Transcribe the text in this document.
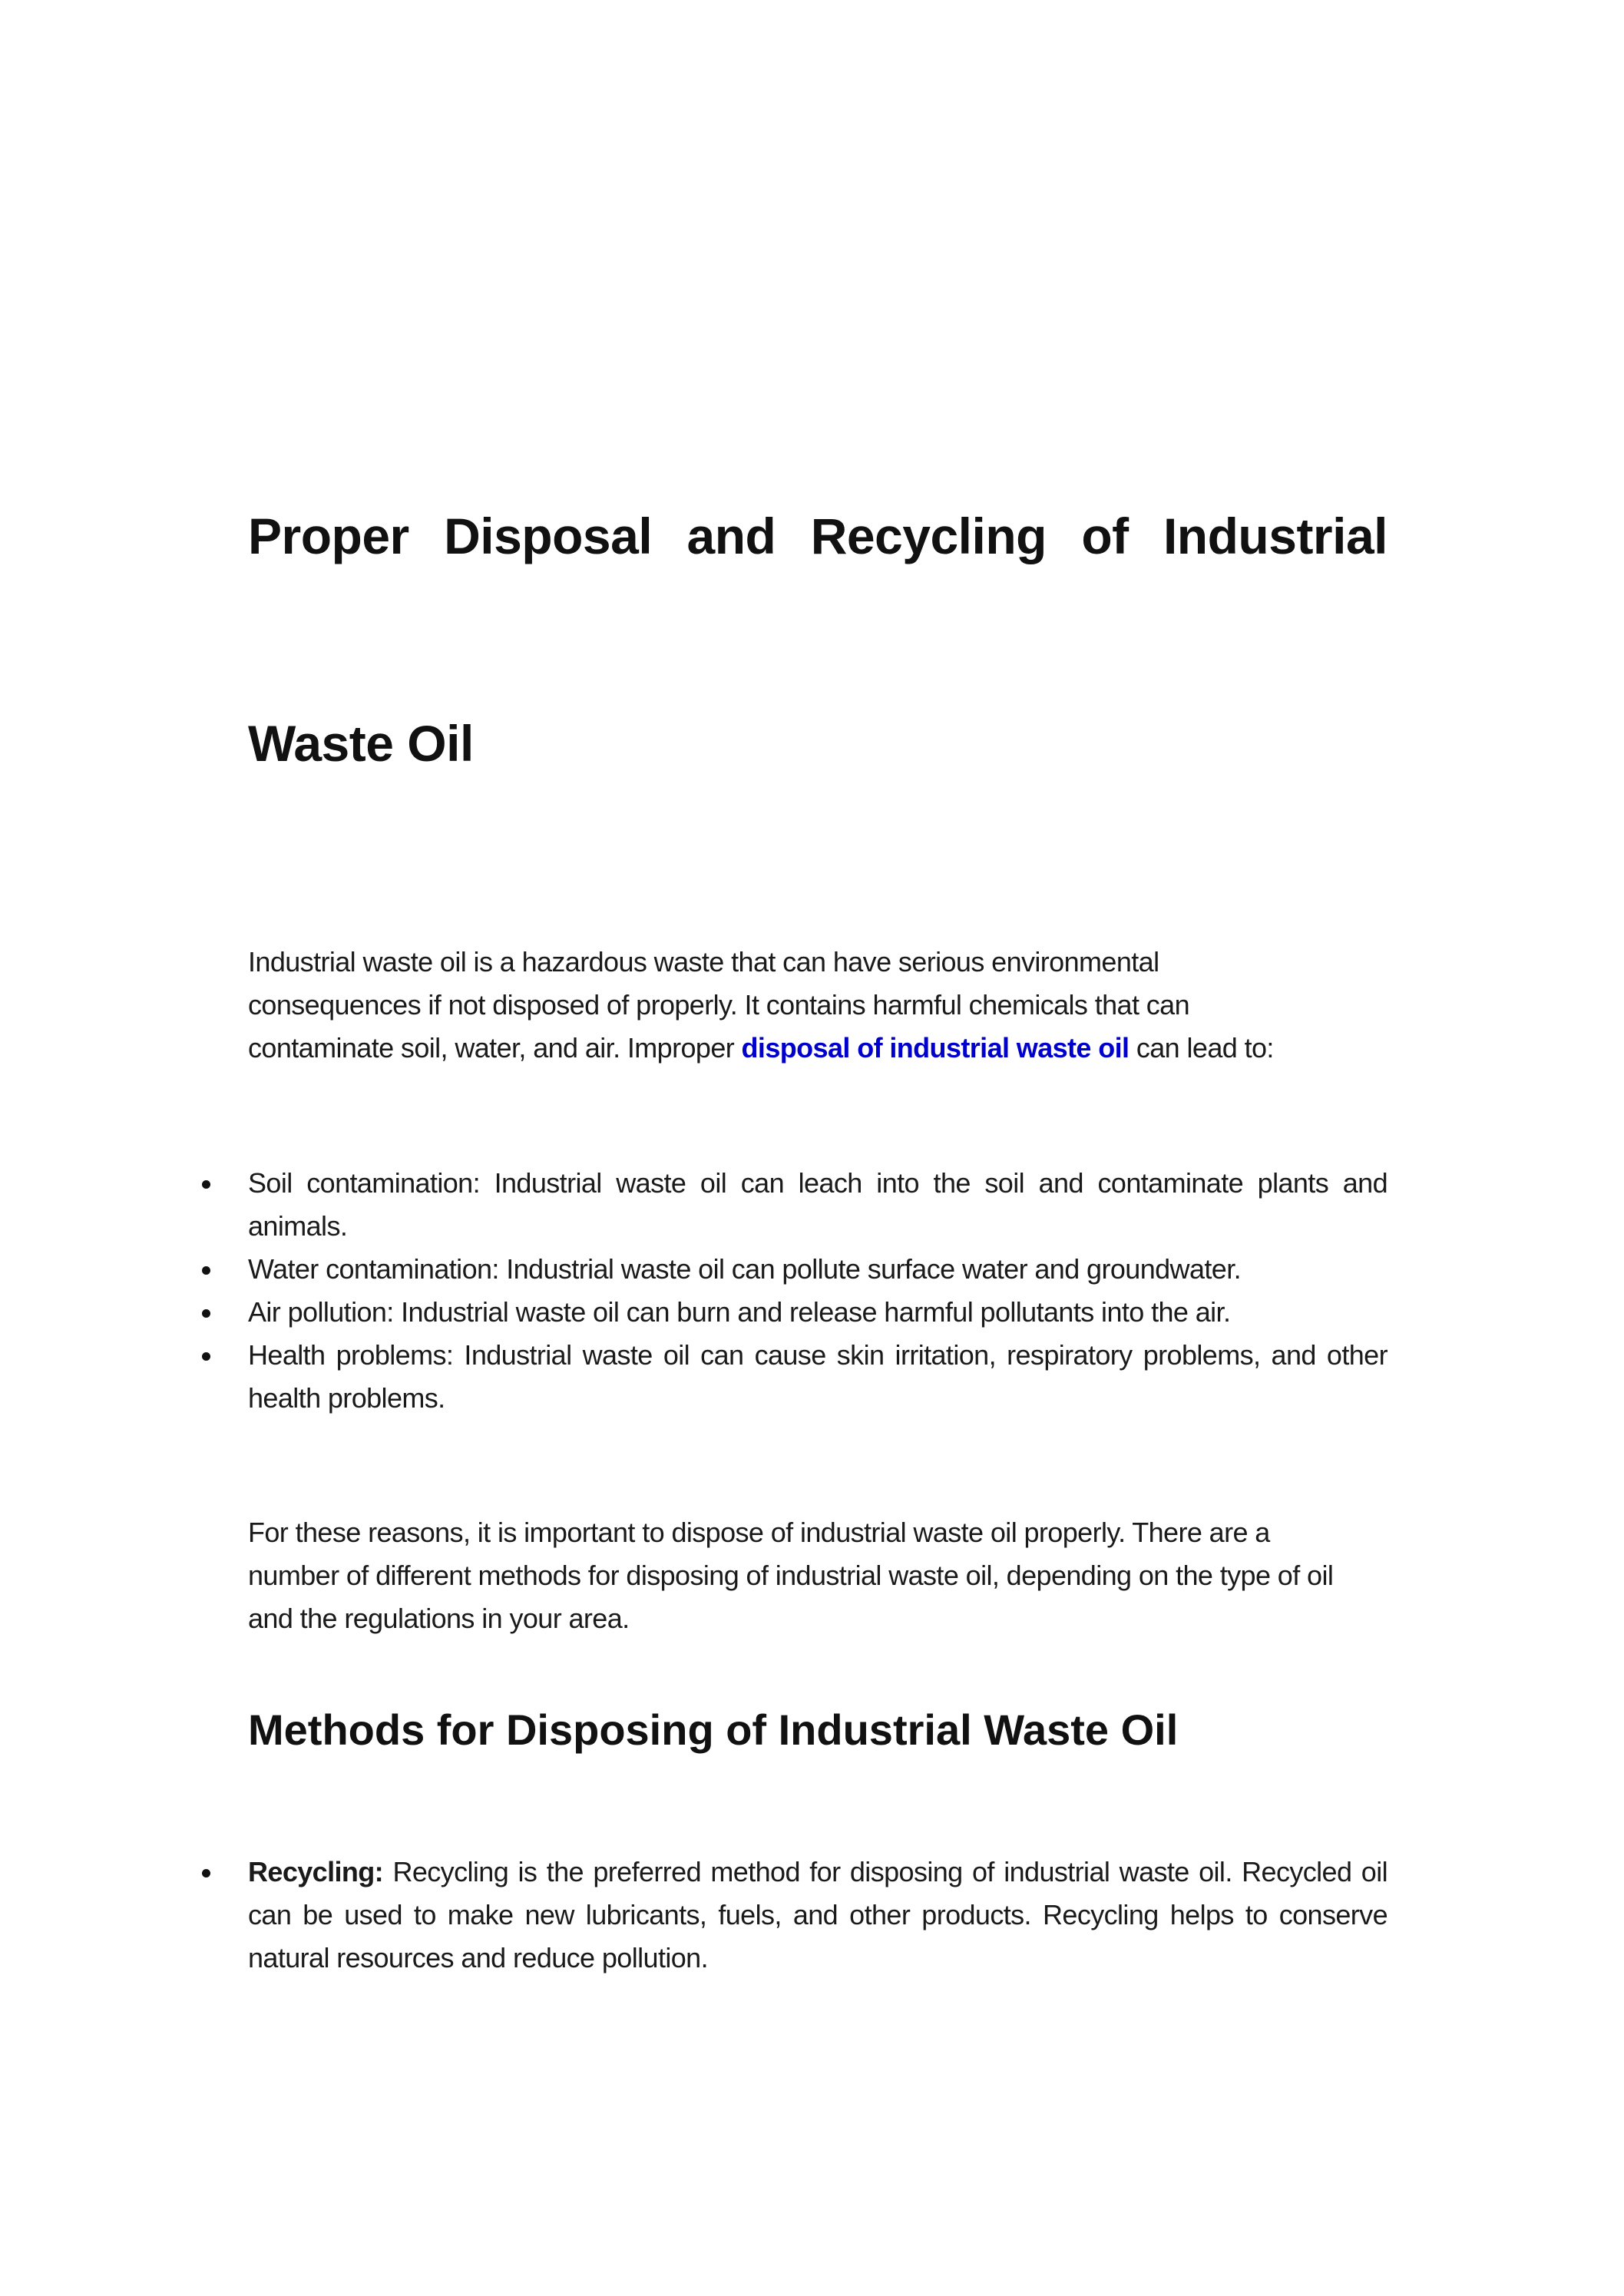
Proper Disposal and Recycling of Industrial
Waste Oil

Industrial waste oil is a hazardous waste that can have serious environmental consequences if not disposed of properly. It contains harmful chemicals that can contaminate soil, water, and air. Improper disposal of industrial waste oil can lead to:

Soil contamination: Industrial waste oil can leach into the soil and contaminate plants and animals.
Water contamination: Industrial waste oil can pollute surface water and groundwater.
Air pollution: Industrial waste oil can burn and release harmful pollutants into the air.
Health problems: Industrial waste oil can cause skin irritation, respiratory problems, and other health problems.

For these reasons, it is important to dispose of industrial waste oil properly. There are a number of different methods for disposing of industrial waste oil, depending on the type of oil and the regulations in your area.

Methods for Disposing of Industrial Waste Oil
Recycling: Recycling is the preferred method for disposing of industrial waste oil. Recycled oil can be used to make new lubricants, fuels, and other products. Recycling helps to conserve natural resources and reduce pollution.
